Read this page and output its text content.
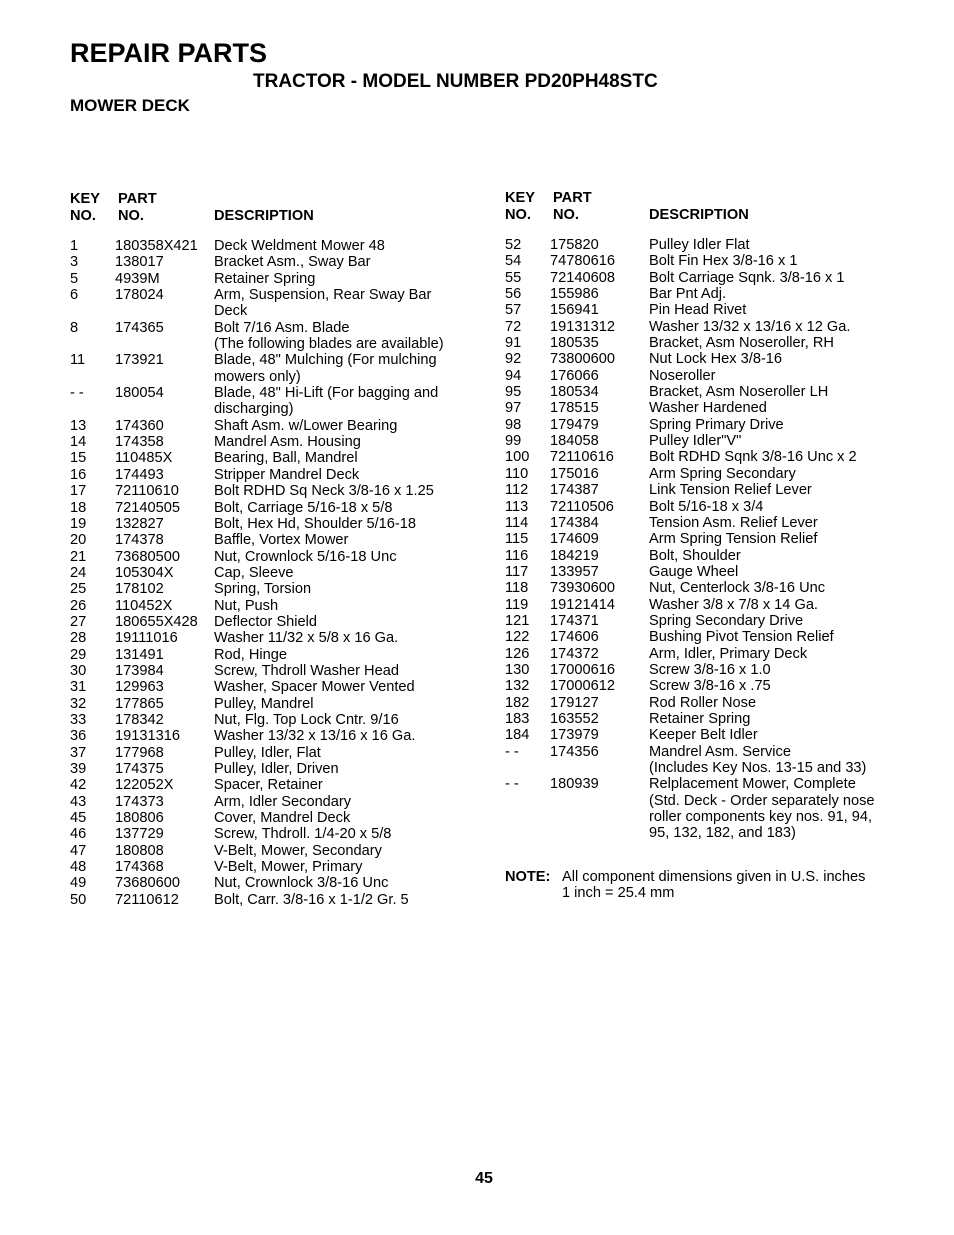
REPAIR PARTS
TRACTOR - MODEL NUMBER PD20PH48STC
MOWER DECK
KEY
NO.
PART
NO.	DESCRIPTION
1	180358X421	Deck Weldment Mower 48
3	138017	Bracket Asm., Sway Bar
5	4939M	Retainer Spring
6	178024	Arm, Suspension, Rear Sway Bar
Deck
8	174365	Bolt 7/16 Asm. Blade
(The following blades are available)
11	173921	Blade, 48" Mulching (For mulching
mowers only)
- -	180054	Blade, 48" Hi-Lift (For bagging and
discharging)
13	174360	Shaft Asm. w/Lower Bearing
14	174358	Mandrel Asm. Housing
15	110485X	Bearing, Ball, Mandrel
16	174493	Stripper Mandrel Deck
17	72110610	Bolt RDHD Sq Neck 3/8-16 x 1.25
18	72140505	Bolt, Carriage 5/16-18 x 5/8
19	132827	Bolt, Hex Hd, Shoulder 5/16-18
20	174378	Baffle, Vortex Mower
21	73680500	Nut, Crownlock 5/16-18 Unc
24	105304X	Cap, Sleeve
25	178102	Spring, Torsion
26	110452X	Nut, Push
27	180655X428	Deflector Shield
28	19111016	Washer 11/32 x 5/8 x 16 Ga.
29	131491	Rod, Hinge
30	173984	Screw, Thdroll Washer Head
31	129963	Washer, Spacer Mower Vented
32	177865	Pulley, Mandrel
33	178342	Nut, Flg. Top Lock Cntr. 9/16
36	19131316	Washer 13/32 x 13/16 x 16 Ga.
37	177968	Pulley, Idler, Flat
39	174375	Pulley, Idler, Driven
42	122052X	Spacer, Retainer
43	174373	Arm, Idler Secondary
45	180806	Cover, Mandrel Deck
46	137729	Screw, Thdroll. 1/4-20 x 5/8
47	180808	V-Belt, Mower, Secondary
48	174368	V-Belt, Mower, Primary
49	73680600	Nut, Crownlock 3/8-16 Unc
50	72110612	Bolt, Carr. 3/8-16 x 1-1/2 Gr. 5
KEY
NO.
PART
NO.	DESCRIPTION
52	175820	Pulley Idler Flat
54	74780616	Bolt Fin Hex 3/8-16 x 1
55	72140608	Bolt Carriage Sqnk. 3/8-16 x 1
56	155986	Bar Pnt Adj.
57	156941	Pin Head Rivet
72	19131312	Washer 13/32 x 13/16 x 12 Ga.
91	180535	Bracket, Asm Noseroller, RH
92	73800600	Nut Lock Hex 3/8-16
94	176066	Noseroller
95	180534	Bracket, Asm Noseroller LH
97	178515	Washer Hardened
98	179479	Spring Primary Drive
99	184058	Pulley Idler"V"
100	72110616	Bolt RDHD Sqnk 3/8-16 Unc x 2
110	175016	Arm Spring Secondary
112	174387	Link Tension Relief Lever
113	72110506	Bolt 5/16-18 x 3/4
114	174384	Tension Asm. Relief Lever
115	174609	Arm Spring Tension Relief
116	184219	Bolt, Shoulder
117	133957	Gauge Wheel
118	73930600	Nut, Centerlock 3/8-16 Unc
119	19121414	Washer 3/8 x 7/8 x 14 Ga.
121	174371	Spring Secondary Drive
122	174606	Bushing Pivot Tension Relief
126	174372	Arm, Idler, Primary Deck
130	17000616	Screw 3/8-16 x 1.0
132	17000612	Screw 3/8-16 x .75
182	179127	Rod Roller Nose
183	163552	Retainer Spring
184	173979	Keeper Belt Idler
- -	174356	Mandrel Asm. Service
(Includes Key Nos. 13-15 and 33)
- -	180939	Relplacement Mower, Complete
(Std. Deck - Order separately nose
roller components key nos. 91, 94,
95, 132, 182, and 183)
NOTE: All component dimensions given in U.S. inches
1 inch = 25.4 mm
45
